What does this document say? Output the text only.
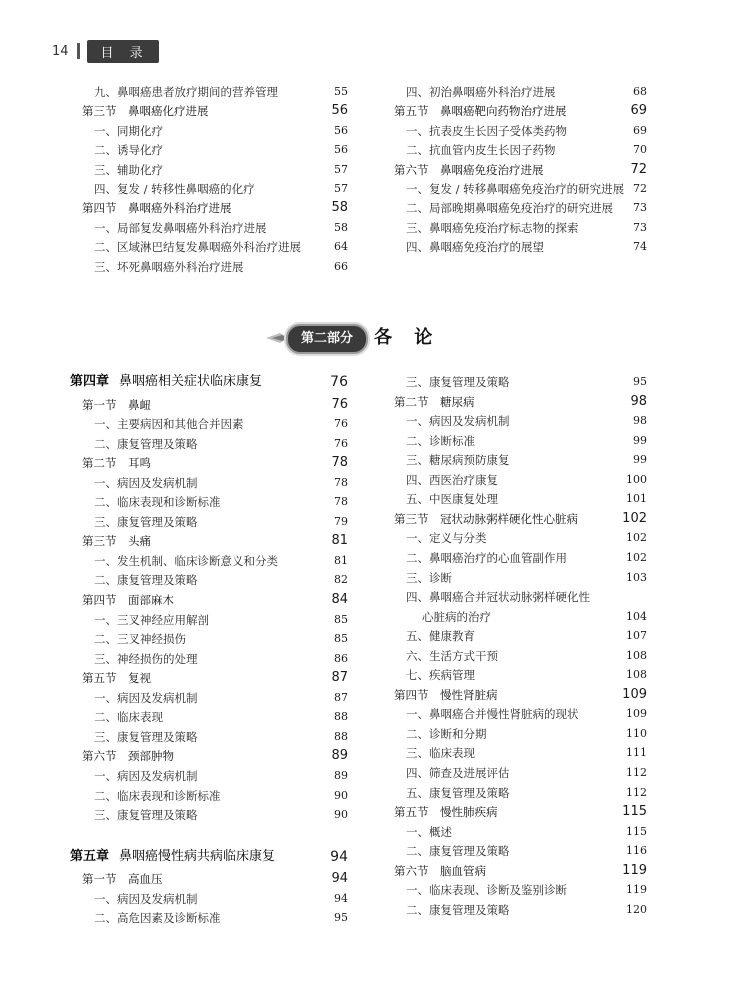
14	目 录
九、鼻咽癌患者放疗期间的营养管理	55
第三节　鼻咽癌化疗进展	56
一、同期化疗	56
二、诱导化疗	56
三、辅助化疗	57
四、复发 / 转移性鼻咽癌的化疗	57
第四节　鼻咽癌外科治疗进展	58
一、局部复发鼻咽癌外科治疗进展	58
二、区域淋巴结复发鼻咽癌外科治疗进展	64
三、坏死鼻咽癌外科治疗进展	66
四、初治鼻咽癌外科治疗进展	68
第五节　鼻咽癌靶向药物治疗进展	69
一、抗表皮生长因子受体类药物	69
二、抗血管内皮生长因子药物	70
第六节　鼻咽癌免疫治疗进展	72
一、复发 / 转移鼻咽癌免疫治疗的研究进展 72
二、局部晚期鼻咽癌免疫治疗的研究进展 73
三、鼻咽癌免疫治疗标志物的探索	73
四、鼻咽癌免疫治疗的展望	74
第二部分	各 论
第四章 鼻咽癌相关症状临床康复	76
第一节　鼻衄	76
一、主要病因和其他合并因素	76
二、康复管理及策略	76
第二节　耳鸣	78
一、病因及发病机制	78
二、临床表现和诊断标准	78
三、康复管理及策略	79
第三节　头痛	81
一、发生机制、临床诊断意义和分类	81
二、康复管理及策略	82
第四节　面部麻木	84
一、三叉神经应用解剖	85
二、三叉神经损伤	85
三、神经损伤的处理	86
第五节　复视	87
一、病因及发病机制	87
二、临床表现	88
三、康复管理及策略	88
第六节　颈部肿物	89
一、病因及发病机制	89
二、临床表现和诊断标准	90
三、康复管理及策略	90
第五章 鼻咽癌慢性病共病临床康复	94
第一节　高血压	94
一、病因及发病机制	94
二、高危因素及诊断标准	95
三、康复管理及策略	95
第二节　糖尿病	98
一、病因及发病机制	98
二、诊断标准	99
三、糖尿病预防康复	99
四、西医治疗康复	100
五、中医康复处理	101
第三节　冠状动脉粥样硬化性心脏病	102
一、定义与分类	102
二、鼻咽癌治疗的心血管副作用	102
三、诊断	103
四、鼻咽癌合并冠状动脉粥样硬化性
心脏病的治疗	104
五、健康教育	107
六、生活方式干预	108
七、疾病管理	108
第四节　慢性肾脏病	109
一、鼻咽癌合并慢性肾脏病的现状	109
二、诊断和分期	110
三、临床表现	111
四、筛查及进展评估	112
五、康复管理及策略	112
第五节　慢性肺疾病	115
一、概述	115
二、康复管理及策略	116
第六节　脑血管病	119
一、临床表现、诊断及鉴别诊断	119
二、康复管理及策略	120
